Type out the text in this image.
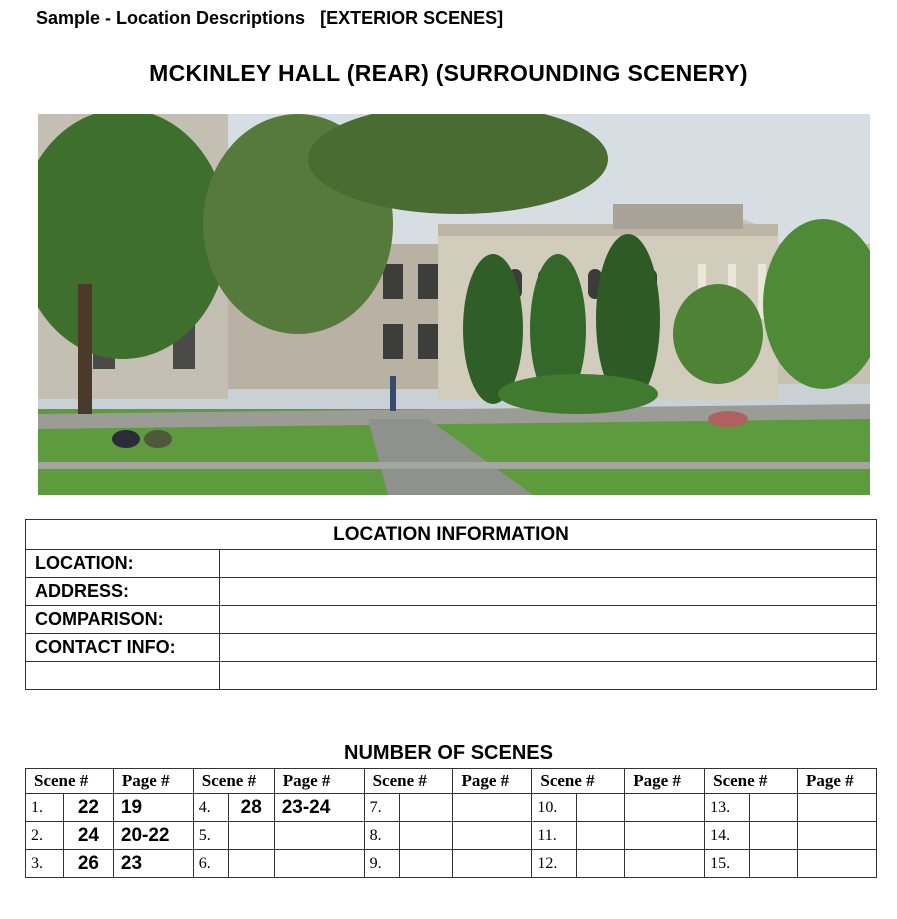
Sample - Location Descriptions [EXTERIOR SCENES]
MCKINLEY HALL (REAR) (SURROUNDING SCENERY)
LOCATION INFORMATION	
LOCATION:	
ADDRESS:	
COMPARISON:	
CONTACT INFO:	

NUMBER OF SCENES
Scene #		Page #	Scene #		Page #	Scene #		Page #	Scene #		Page #	Scene #		Page #
1.	22	19	4.	28	23-24	7.			10.			13.		
2.	24	20-22	5.			8.			11.			14.		
3.	26	23	6.			9.			12.			15.		
